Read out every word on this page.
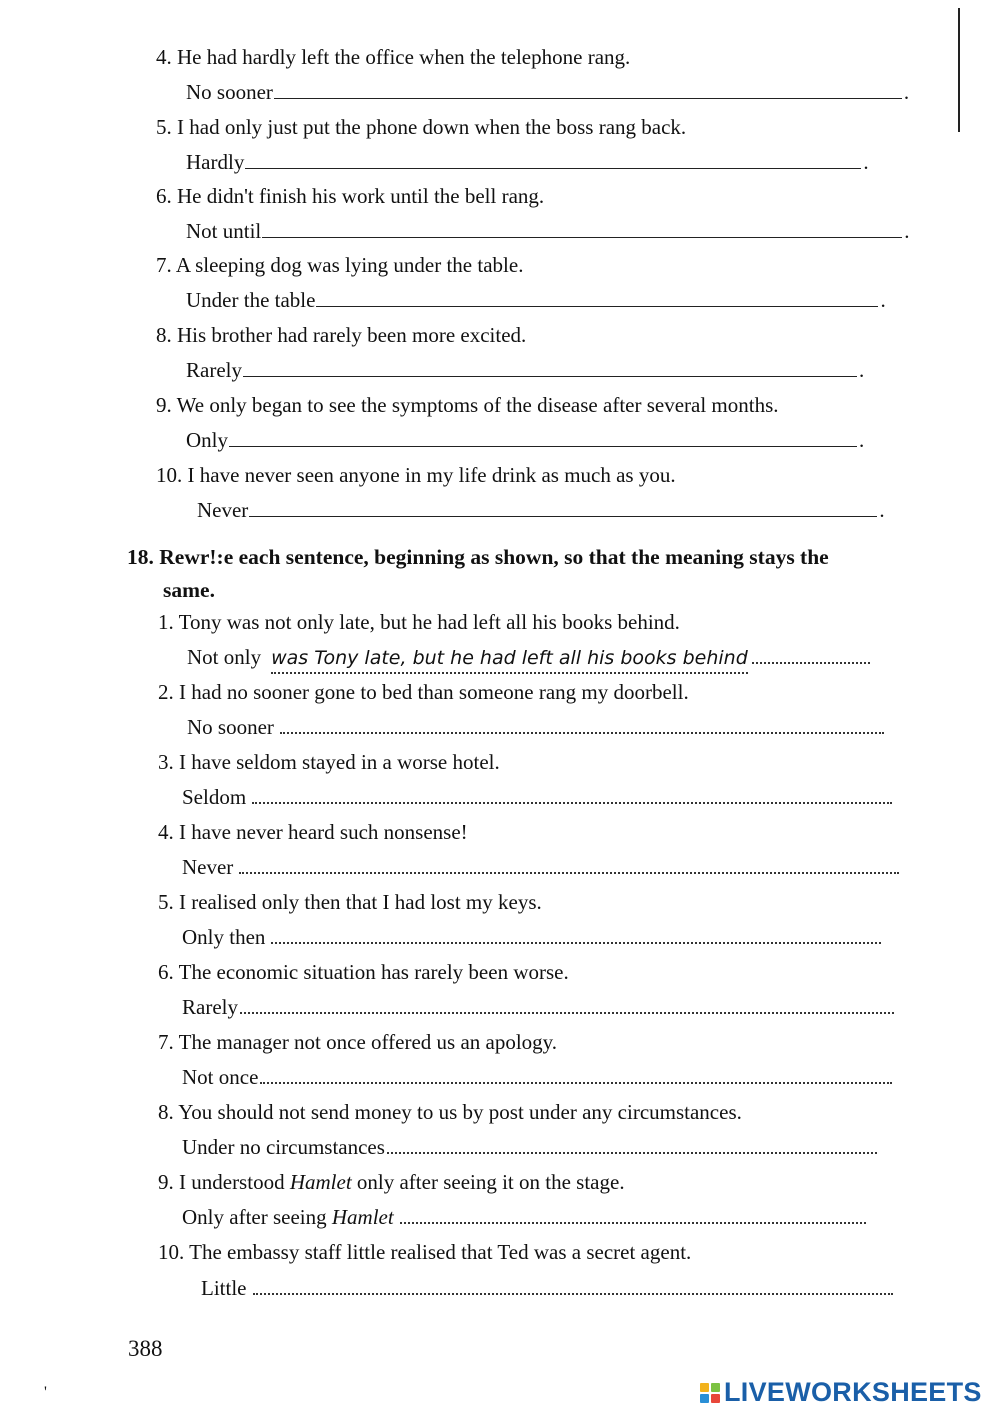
4. He had hardly left the office when the telephone rang.
No sooner	.
5. I had only just put the phone down when the boss rang back.
Hardly	.
6. He didn't finish his work until the bell rang.
Not until	.
7. A sleeping dog was lying under the table.
Under the table	.
8. His brother had rarely been more excited.
Rarely	.
9. We only began to see the symptoms of the disease after several months.
Only	.
10. I have never seen anyone in my life drink as much as you.
Never	.
18. Rewr!:e each sentence, beginning as shown, so that the meaning stays the
same.
1. Tony was not only late, but he had left all his books behind.
Not only was Tony late, but he had left all his books behind
2. I had no sooner gone to bed than someone rang my doorbell.
No sooner
3. I have seldom stayed in a worse hotel.
Seldom
4. I have never heard such nonsense!
Never
5. I realised only then that I had lost my keys.
Only then
6. The economic situation has rarely been worse.
Rarely
7. The manager not once offered us an apology.
Not once
8. You should not send money to us by post under any circumstances.
Under no circumstances
9. I understood Hamlet only after seeing it on the stage.
Only after seeing Hamlet
10. The embassy staff little realised that Ted was a secret agent.
Little
388
'	LIVEWORKSHEETS
